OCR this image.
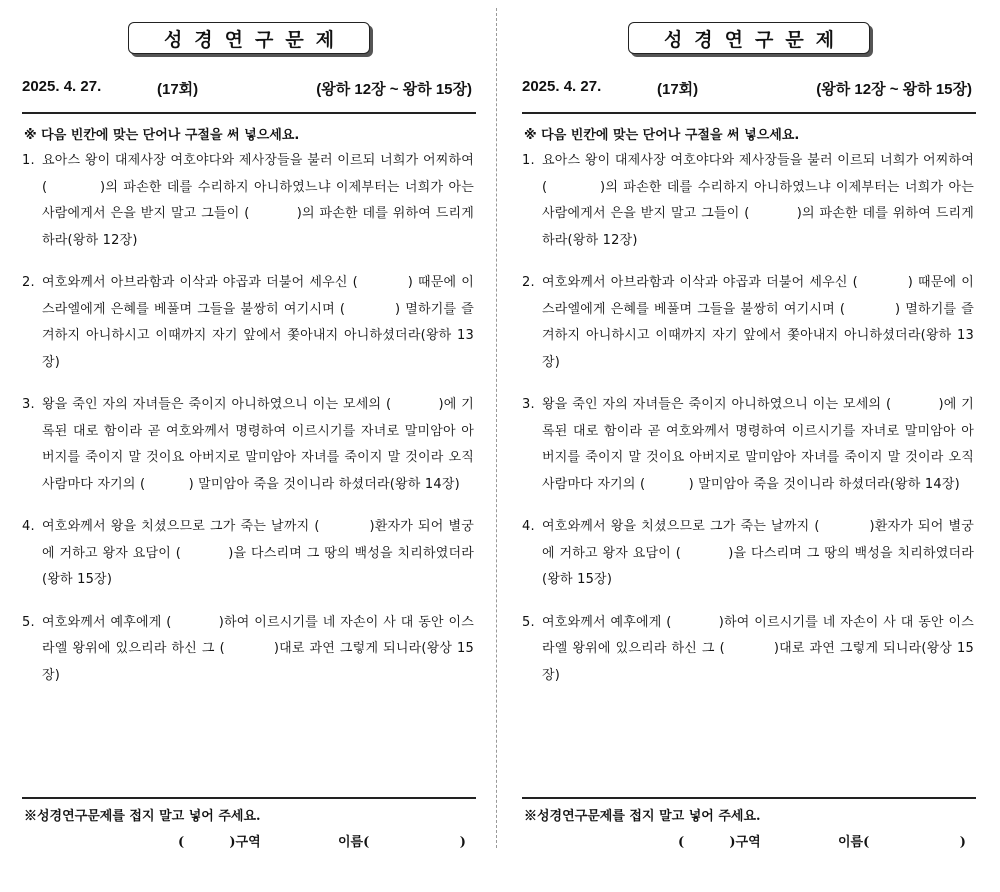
성경연구문제
2025. 4. 27.	(17회)	(왕하 12장 ~ 왕하 15장)
※ 다음 빈칸에 맞는 단어나 구절을 써 넣으세요.
1. 요아스 왕이 대제사장 여호야다와 제사장들을 불러 이르되 너희가 어찌하여 (          )의 파손한 데를 수리하지 아니하였느냐 이제부터는 너희가 아는 사람에게서 은을 받지 말고 그들이 (          )의 파손한 데를 위하여 드리게 하라(왕하 12장)
2. 여호와께서 아브라함과 이삭과 야곱과 더불어 세우신 (          ) 때문에 이스라엘에게 은혜를 베풀며 그들을 불쌍히 여기시며 (          ) 멸하기를 즐겨하지 아니하시고 이때까지 자기 앞에서 쫓아내지 아니하셨더라(왕하 13장)
3. 왕을 죽인 자의 자녀들은 죽이지 아니하였으니 이는 모세의 (          )에 기록된 대로 함이라 곧 여호와께서 명령하여 이르시기를 자녀로 말미암아 아버지를 죽이지 말 것이요 아버지로 말미암아 자녀를 죽이지 말 것이라 오직 사람마다 자기의 (          ) 말미암아 죽을 것이니라 하셨더라(왕하 14장)
4. 여호와께서 왕을 치셨으므로 그가 죽는 날까지 (          )환자가 되어 별궁에 거하고 왕자 요담이 (          )을 다스리며 그 땅의 백성을 치리하였더라(왕하 15장)
5. 여호와께서 예후에게 (          )하여 이르시기를 네 자손이 사 대 동안 이스라엘 왕위에 있으리라 하신 그 (          )대로 과연 그렇게 되니라(왕상 15장)
※성경연구문제를 접지 말고 넣어 주세요.
(          )구역	이름(                    )
성경연구문제
2025. 4. 27.	(17회)	(왕하 12장 ~ 왕하 15장)
※ 다음 빈칸에 맞는 단어나 구절을 써 넣으세요.
1. 요아스 왕이 대제사장 여호야다와 제사장들을 불러 이르되 너희가 어찌하여 (          )의 파손한 데를 수리하지 아니하였느냐 이제부터는 너희가 아는 사람에게서 은을 받지 말고 그들이 (          )의 파손한 데를 위하여 드리게 하라(왕하 12장)
2. 여호와께서 아브라함과 이삭과 야곱과 더불어 세우신 (          ) 때문에 이스라엘에게 은혜를 베풀며 그들을 불쌍히 여기시며 (          ) 멸하기를 즐겨하지 아니하시고 이때까지 자기 앞에서 쫓아내지 아니하셨더라(왕하 13장)
3. 왕을 죽인 자의 자녀들은 죽이지 아니하였으니 이는 모세의 (          )에 기록된 대로 함이라 곧 여호와께서 명령하여 이르시기를 자녀로 말미암아 아버지를 죽이지 말 것이요 아버지로 말미암아 자녀를 죽이지 말 것이라 오직 사람마다 자기의 (          ) 말미암아 죽을 것이니라 하셨더라(왕하 14장)
4. 여호와께서 왕을 치셨으므로 그가 죽는 날까지 (          )환자가 되어 별궁에 거하고 왕자 요담이 (          )을 다스리며 그 땅의 백성을 치리하였더라(왕하 15장)
5. 여호와께서 예후에게 (          )하여 이르시기를 네 자손이 사 대 동안 이스라엘 왕위에 있으리라 하신 그 (          )대로 과연 그렇게 되니라(왕상 15장)
※성경연구문제를 접지 말고 넣어 주세요.
(          )구역	이름(                    )
